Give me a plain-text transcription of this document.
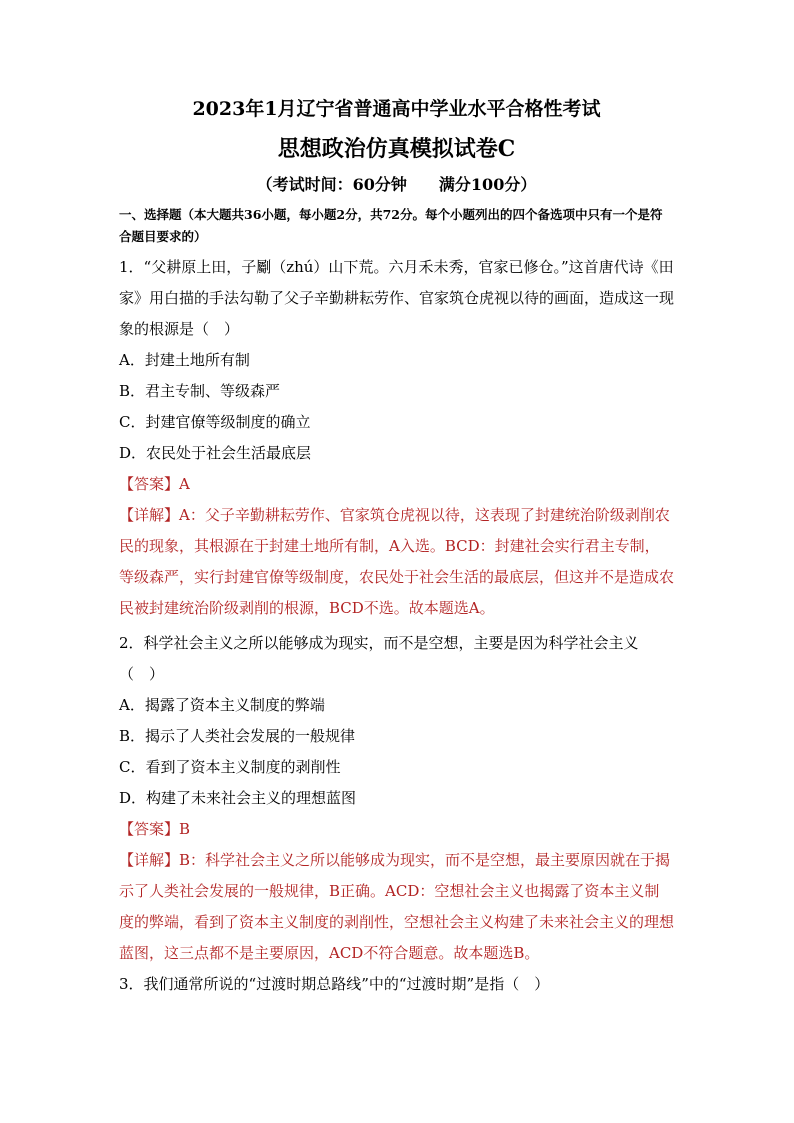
2023年1月辽宁省普通高中学业水平合格性考试
思想政治仿真模拟试卷C
（考试时间：60分钟　　满分100分）
一、选择题（本大题共36小题，每小题2分，共72分。每个小题列出的四个备选项中只有一个是符合题目要求的）
1．“父耕原上田，子劚（zhú）山下荒。六月禾未秀，官家已修仓。”这首唐代诗《田家》用白描的手法勾勒了父子辛勤耕耘劳作、官家筑仓虎视以待的画面，造成这一现象的根源是（　）
A．封建土地所有制
B．君主专制、等级森严
C．封建官僚等级制度的确立
D．农民处于社会生活最底层
【答案】A
【详解】A：父子辛勤耕耘劳作、官家筑仓虎视以待，这表现了封建统治阶级剥削农民的现象，其根源在于封建土地所有制，A入选。BCD：封建社会实行君主专制，等级森严，实行封建官僚等级制度，农民处于社会生活的最底层，但这并不是造成农民被封建统治阶级剥削的根源，BCD不选。故本题选A。
2．科学社会主义之所以能够成为现实，而不是空想，主要是因为科学社会主义（　）
A．揭露了资本主义制度的弊端
B．揭示了人类社会发展的一般规律
C．看到了资本主义制度的剥削性
D．构建了未来社会主义的理想蓝图
【答案】B
【详解】B：科学社会主义之所以能够成为现实，而不是空想，最主要原因就在于揭示了人类社会发展的一般规律，B正确。ACD：空想社会主义也揭露了资本主义制度的弊端，看到了资本主义制度的剥削性，空想社会主义构建了未来社会主义的理想蓝图，这三点都不是主要原因，ACD不符合题意。故本题选B。
3．我们通常所说的“过渡时期总路线”中的“过渡时期”是指（　）
